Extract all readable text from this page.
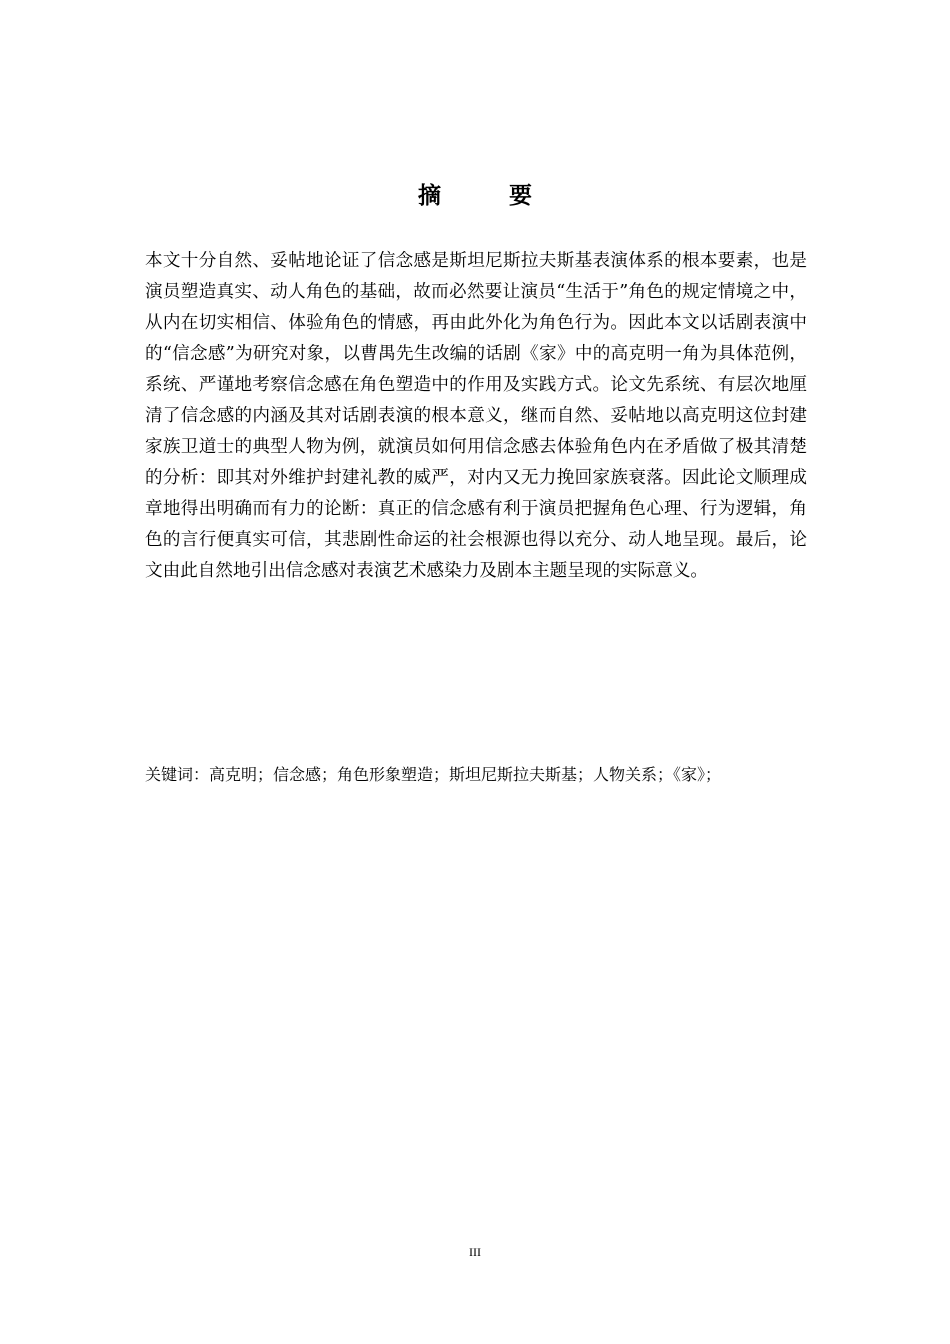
摘 要

本文十分自然、妥帖地论证了信念感是斯坦尼斯拉夫斯基表演体系的根本要素，也是演员塑造真实、动人角色的基础，故而必然要让演员“生活于”角色的规定情境之中，从内在切实相信、体验角色的情感，再由此外化为角色行为。因此本文以话剧表演中的“信念感”为研究对象，以曹禺先生改编的话剧《家》中的高克明一角为具体范例，系统、严谨地考察信念感在角色塑造中的作用及实践方式。论文先系统、有层次地厘清了信念感的内涵及其对话剧表演的根本意义，继而自然、妥帖地以高克明这位封建家族卫道士的典型人物为例，就演员如何用信念感去体验角色内在矛盾做了极其清楚的分析：即其对外维护封建礼教的威严，对内又无力挽回家族衰落。因此论文顺理成章地得出明确而有力的论断：真正的信念感有利于演员把握角色心理、行为逻辑，角色的言行便真实可信，其悲剧性命运的社会根源也得以充分、动人地呈现。最后，论文由此自然地引出信念感对表演艺术感染力及剧本主题呈现的实际意义。

关键词：高克明；信念感；角色形象塑造；斯坦尼斯拉夫斯基；人物关系；《家》；
III
